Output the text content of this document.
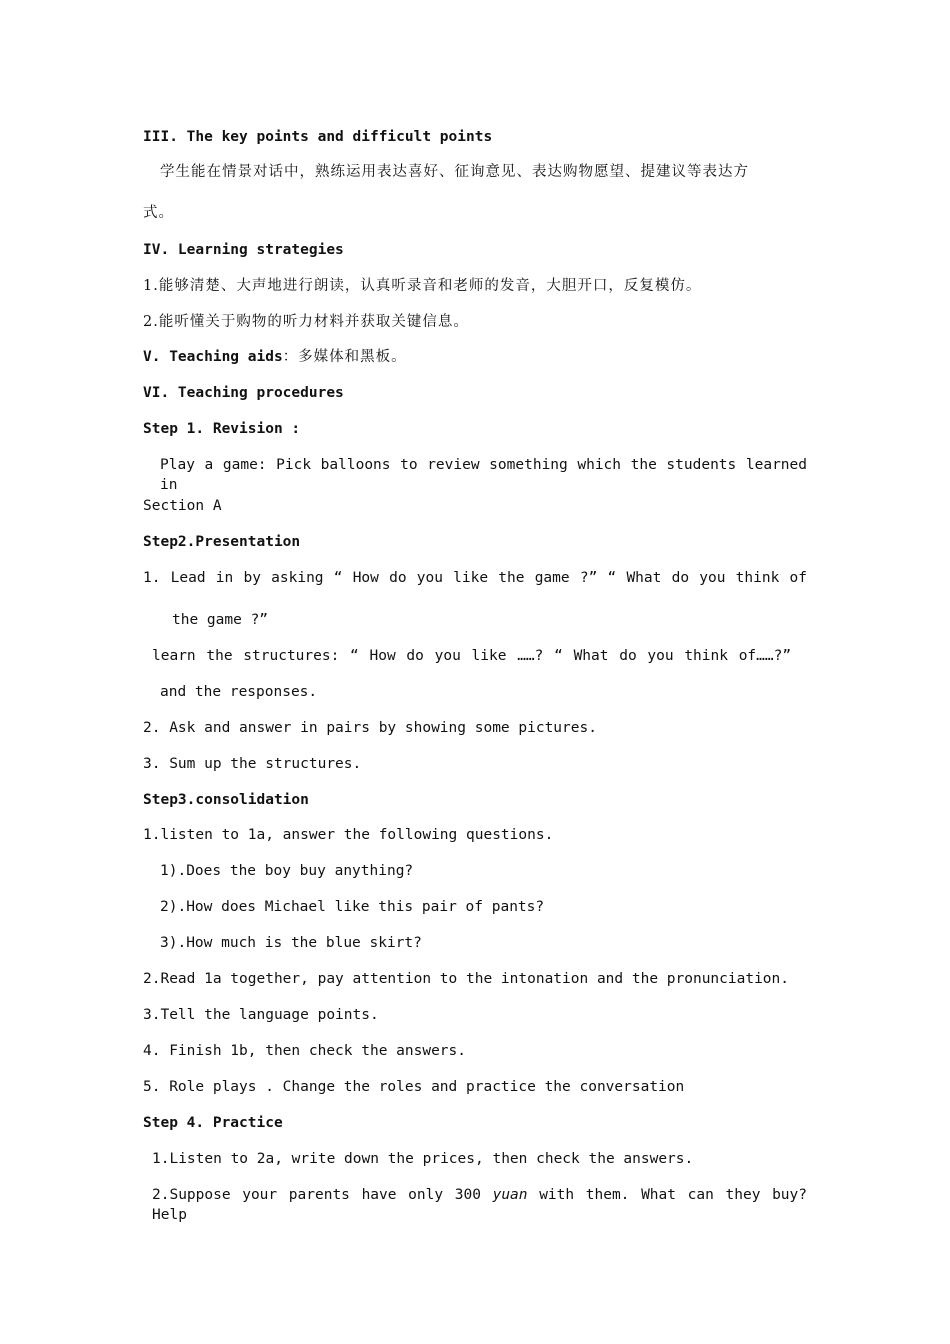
III. The key points and difficult points
学生能在情景对话中，熟练运用表达喜好、征询意见、表达购物愿望、提建议等表达方
式。
IV. Learning strategies
1.能够清楚、大声地进行朗读，认真听录音和老师的发音，大胆开口，反复模仿。
2.能听懂关于购物的听力材料并获取关键信息。
V. Teaching aids：多媒体和黑板。
VI. Teaching procedures
Step 1. Revision :
Play a game: Pick balloons to review something which the students learned in
Section A
Step2.Presentation
1. Lead in by asking “ How do you like the game ?” “ What do you think of
the game ?”
learn the structures: “ How do you like ……? “ What do you think of……?”
and the responses.
2. Ask and answer in pairs by showing some pictures.
3. Sum up the structures.
Step3.consolidation
1.listen to 1a, answer the following questions.
1).Does the boy buy anything?
2).How does Michael like this pair of pants?
3).How much is the blue skirt?
2.Read 1a together, pay attention to the intonation and the pronunciation.
3.Tell the language points.
4. Finish 1b, then check the answers.
5. Role plays . Change the roles and practice the conversation
Step 4. Practice
1.Listen to 2a, write down the prices, then check the answers.
2.Suppose your parents have only 300 yuan with them. What can they buy? Help
